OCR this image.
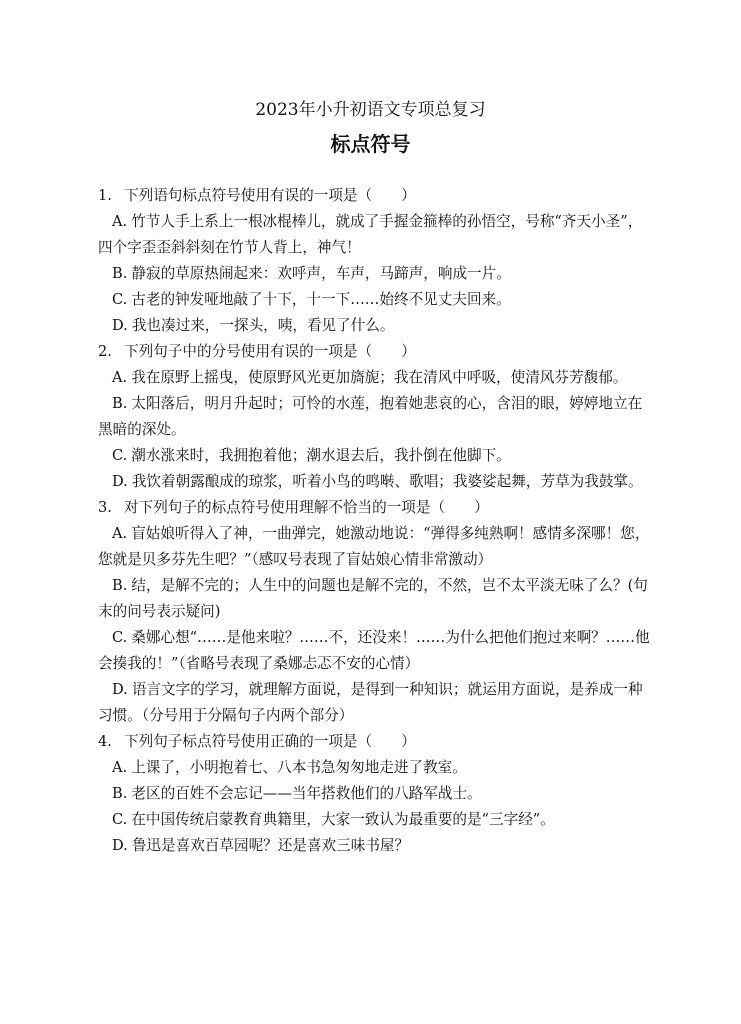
2023年小升初语文专项总复习
标点符号

1. 下列语句标点符号使用有误的一项是（　　）

A. 竹节人手上系上一根冰棍棒儿，就成了手握金箍棒的孙悟空，号称“齐天小圣”，四个字歪歪斜斜刻在竹节人背上，神气！

B. 静寂的草原热闹起来：欢呼声，车声，马蹄声，响成一片。

C. 古老的钟发哑地敲了十下，十一下……始终不见丈夫回来。

D. 我也凑过来，一探头，咦，看见了什么。

2. 下列句子中的分号使用有误的一项是（　　）

A. 我在原野上摇曳，使原野风光更加旖旎；我在清风中呼吸，使清风芬芳馥郁。

B. 太阳落后，明月升起时；可怜的水莲，抱着她悲哀的心，含泪的眼，婷婷地立在黑暗的深处。

C. 潮水涨来时，我拥抱着他；潮水退去后，我扑倒在他脚下。

D. 我饮着朝露酿成的琼浆，听着小鸟的鸣啭、歌唱；我婆娑起舞，芳草为我鼓掌。

3. 对下列句子的标点符号使用理解不恰当的一项是（　　）

A. 盲姑娘听得入了神，一曲弹完，她激动地说：“弹得多纯熟啊！感情多深哪！您，您就是贝多芬先生吧？”（感叹号表现了盲姑娘心情非常激动）

B. 结，是解不完的；人生中的问题也是解不完的，不然，岂不太平淡无味了么？(句末的问号表示疑问)

C. 桑娜心想“……是他来啦？……不，还没来！……为什么把他们抱过来啊？……他会揍我的！”（省略号表现了桑娜忐忑不安的心情）

D. 语言文字的学习，就理解方面说，是得到一种知识；就运用方面说，是养成一种习惯。（分号用于分隔句子内两个部分）

4. 下列句子标点符号使用正确的一项是（　　）

A. 上课了，小明抱着七、八本书急匆匆地走进了教室。

B. 老区的百姓不会忘记——当年搭救他们的八路军战士。

C. 在中国传统启蒙教育典籍里，大家一致认为最重要的是“三字经”。

D. 鲁迅是喜欢百草园呢？还是喜欢三味书屋？
